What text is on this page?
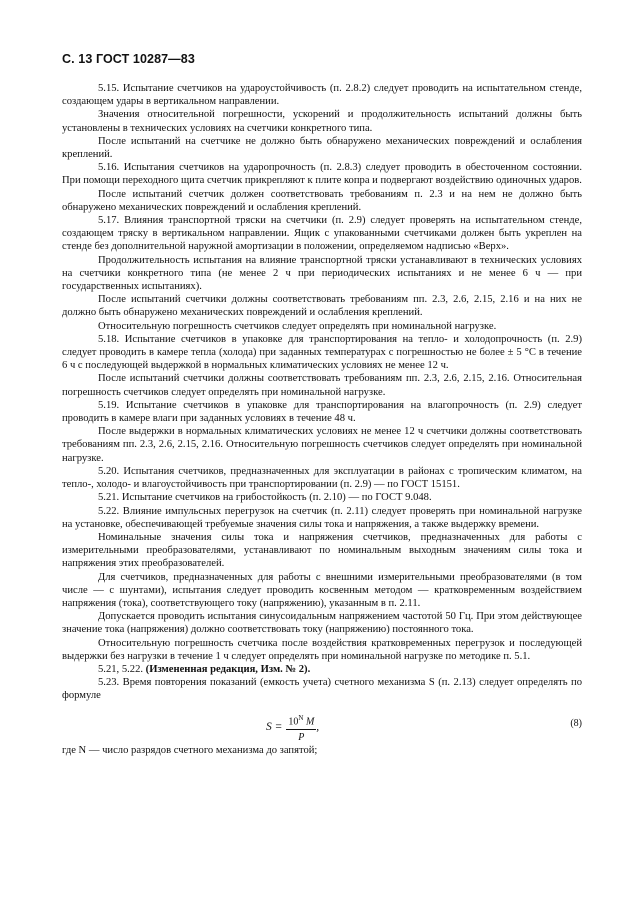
С. 13 ГОСТ 10287—83

5.15. Испытание счетчиков на удароустойчивость (п. 2.8.2) следует проводить на испытательном стенде, создающем удары в вертикальном направлении.

Значения относительной погрешности, ускорений и продолжительность испытаний должны быть установлены в технических условиях на счетчики конкретного типа.

После испытаний на счетчике не должно быть обнаружено механических повреждений и ослабления креплений.

5.16. Испытания счетчиков на ударопрочность (п. 2.8.3) следует проводить в обесточенном состоянии. При помощи переходного щита счетчик прикрепляют к плите копра и подвергают воздействию одиночных ударов.

После испытаний счетчик должен соответствовать требованиям п. 2.3 и на нем не должно быть обнаружено механических повреждений и ослабления креплений.

5.17. Влияния транспортной тряски на счетчики (п. 2.9) следует проверять на испытательном стенде, создающем тряску в вертикальном направлении. Ящик с упакованными счетчиками должен быть укреплен на стенде без дополнительной наружной амортизации в положении, определяемом надписью «Верх».

Продолжительность испытания на влияние транспортной тряски устанавливают в технических условиях на счетчики конкретного типа (не менее 2 ч при периодических испытаниях и не менее 6 ч — при государственных испытаниях).

После испытаний счетчики должны соответствовать требованиям пп. 2.3, 2.6, 2.15, 2.16 и на них не должно быть обнаружено механических повреждений и ослабления креплений.

Относительную погрешность счетчиков следует определять при номинальной нагрузке.

5.18. Испытание счетчиков в упаковке для транспортирования на тепло- и холодопрочность (п. 2.9) следует проводить в камере тепла (холода) при заданных температурах с погрешностью не более ± 5 °С в течение 6 ч с последующей выдержкой в нормальных климатических условиях не менее 12 ч.

После испытаний счетчики должны соответствовать требованиям пп. 2.3, 2.6, 2.15, 2.16. Относительная погрешность счетчиков следует определять при номинальной нагрузке.

5.19. Испытание счетчиков в упаковке для транспортирования на влагопрочность (п. 2.9) следует проводить в камере влаги при заданных условиях в течение 48 ч.

После выдержки в нормальных климатических условиях не менее 12 ч счетчики должны соответствовать требованиям пп. 2.3, 2.6, 2.15, 2.16. Относительную погрешность счетчиков следует определять при номинальной нагрузке.

5.20. Испытания счетчиков, предназначенных для эксплуатации в районах с тропическим климатом, на тепло-, холодо- и влагоустойчивость при транспортировании (п. 2.9) — по ГОСТ 15151.

5.21. Испытание счетчиков на грибостойкость (п. 2.10) — по ГОСТ 9.048.

5.22. Влияние импульсных перегрузок на счетчик (п. 2.11) следует проверять при номинальной нагрузке на установке, обеспечивающей требуемые значения силы тока и напряжения, а также выдержку времени.

Номинальные значения силы тока и напряжения счетчиков, предназначенных для работы с измерительными преобразователями, устанавливают по номинальным выходным значениям силы тока и напряжения этих преобразователей.

Для счетчиков, предназначенных для работы с внешними измерительными преобразователями (в том числе — с шунтами), испытания следует проводить косвенным методом — кратковременным воздействием напряжения (тока), соответствующего току (напряжению), указанным в п. 2.11.

Допускается проводить испытания синусоидальным напряжением частотой 50 Гц. При этом действующее значение тока (напряжения) должно соответствовать току (напряжению) постоянного тока.

Относительную погрешность счетчика после воздействия кратковременных перегрузок и последующей выдержки без нагрузки в течение 1 ч следует определять при номинальной нагрузке по методике п. 5.1.

5.21, 5.22. (Измененная редакция, Изм. № 2).

5.23. Время повторения показаний (емкость учета) счетного механизма S (п. 2.13) следует определять по формуле

$S = \frac{10^N M}{P}$ ,	(8)

где N — число разрядов счетного механизма до запятой;
